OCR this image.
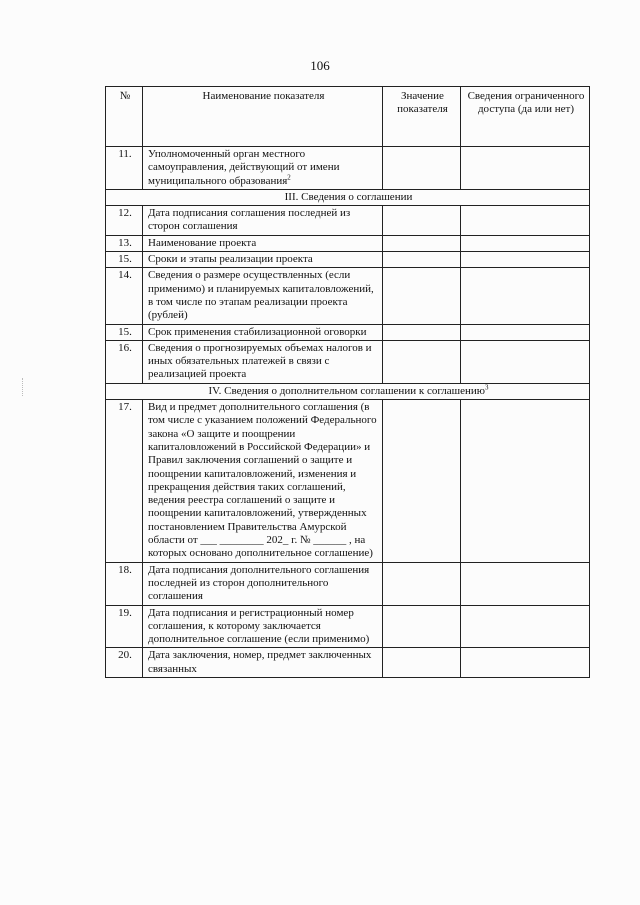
106
№	Наименование показателя	Значение показателя	Сведения ограниченного доступа (да или нет)
11.	Уполномоченный орган местного самоуправления, действующий от имени муниципального образования$^2$		
III. Сведения о соглашении			
12.	Дата подписания соглашения последней из сторон соглашения		
13.	Наименование проекта		
15.	Сроки и этапы реализации проекта		
14.	Сведения о размере осуществленных (если применимо) и планируемых капиталовложений, в том числе по этапам реализации проекта (рублей)		
15.	Срок применения стабилизационной оговорки		
16.	Сведения о прогнозируемых объемах налогов и иных обязательных платежей в связи с реализацией проекта		
IV. Сведения о дополнительном соглашении к соглашению$^3$
17.	Вид и предмет дополнительного соглашения (в том числе с указанием положений Федерального закона «О защите и поощрении капиталовложений в Российской Федерации» и Правил заключения соглашений о защите и поощрении капиталовложений, изменения и прекращения действия таких соглашений, ведения реестра соглашений о защите и поощрении капиталовложений, утвержденных постановлением Правительства Амурской области от ___ ________ 202_ г. № ______ , на которых основано дополнительное соглашение)		
18.	Дата подписания дополнительного соглашения последней из сторон дополнительного соглашения		
19.	Дата подписания и регистрационный номер соглашения, к которому заключается дополнительное соглашение (если применимо)		
20.	Дата заключения, номер, предмет заключенных связанных		
